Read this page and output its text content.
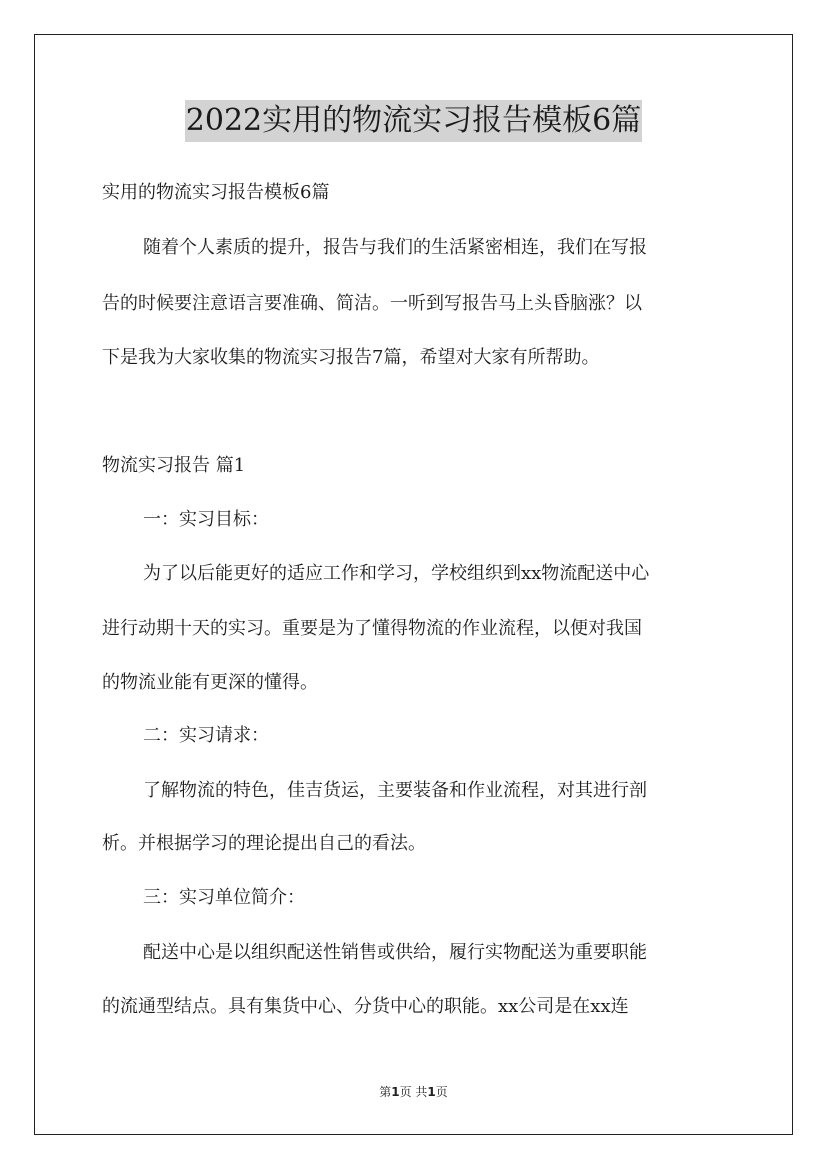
2022实用的物流实习报告模板6篇
实用的物流实习报告模板6篇
随着个人素质的提升，报告与我们的生活紧密相连，我们在写报
告的时候要注意语言要准确、简洁。一听到写报告马上头昏脑涨？以
下是我为大家收集的物流实习报告7篇，希望对大家有所帮助。
物流实习报告 篇1
一：实习目标：
为了以后能更好的适应工作和学习，学校组织到xx物流配送中心
进行动期十天的实习。重要是为了懂得物流的作业流程，以便对我国
的物流业能有更深的懂得。
二：实习请求：
了解物流的特色，佳吉货运，主要装备和作业流程，对其进行剖
析。并根据学习的理论提出自己的看法。
三：实习单位简介：
配送中心是以组织配送性销售或供给，履行实物配送为重要职能
的流通型结点。具有集货中心、分货中心的职能。xx公司是在xx连
第1页 共1页
